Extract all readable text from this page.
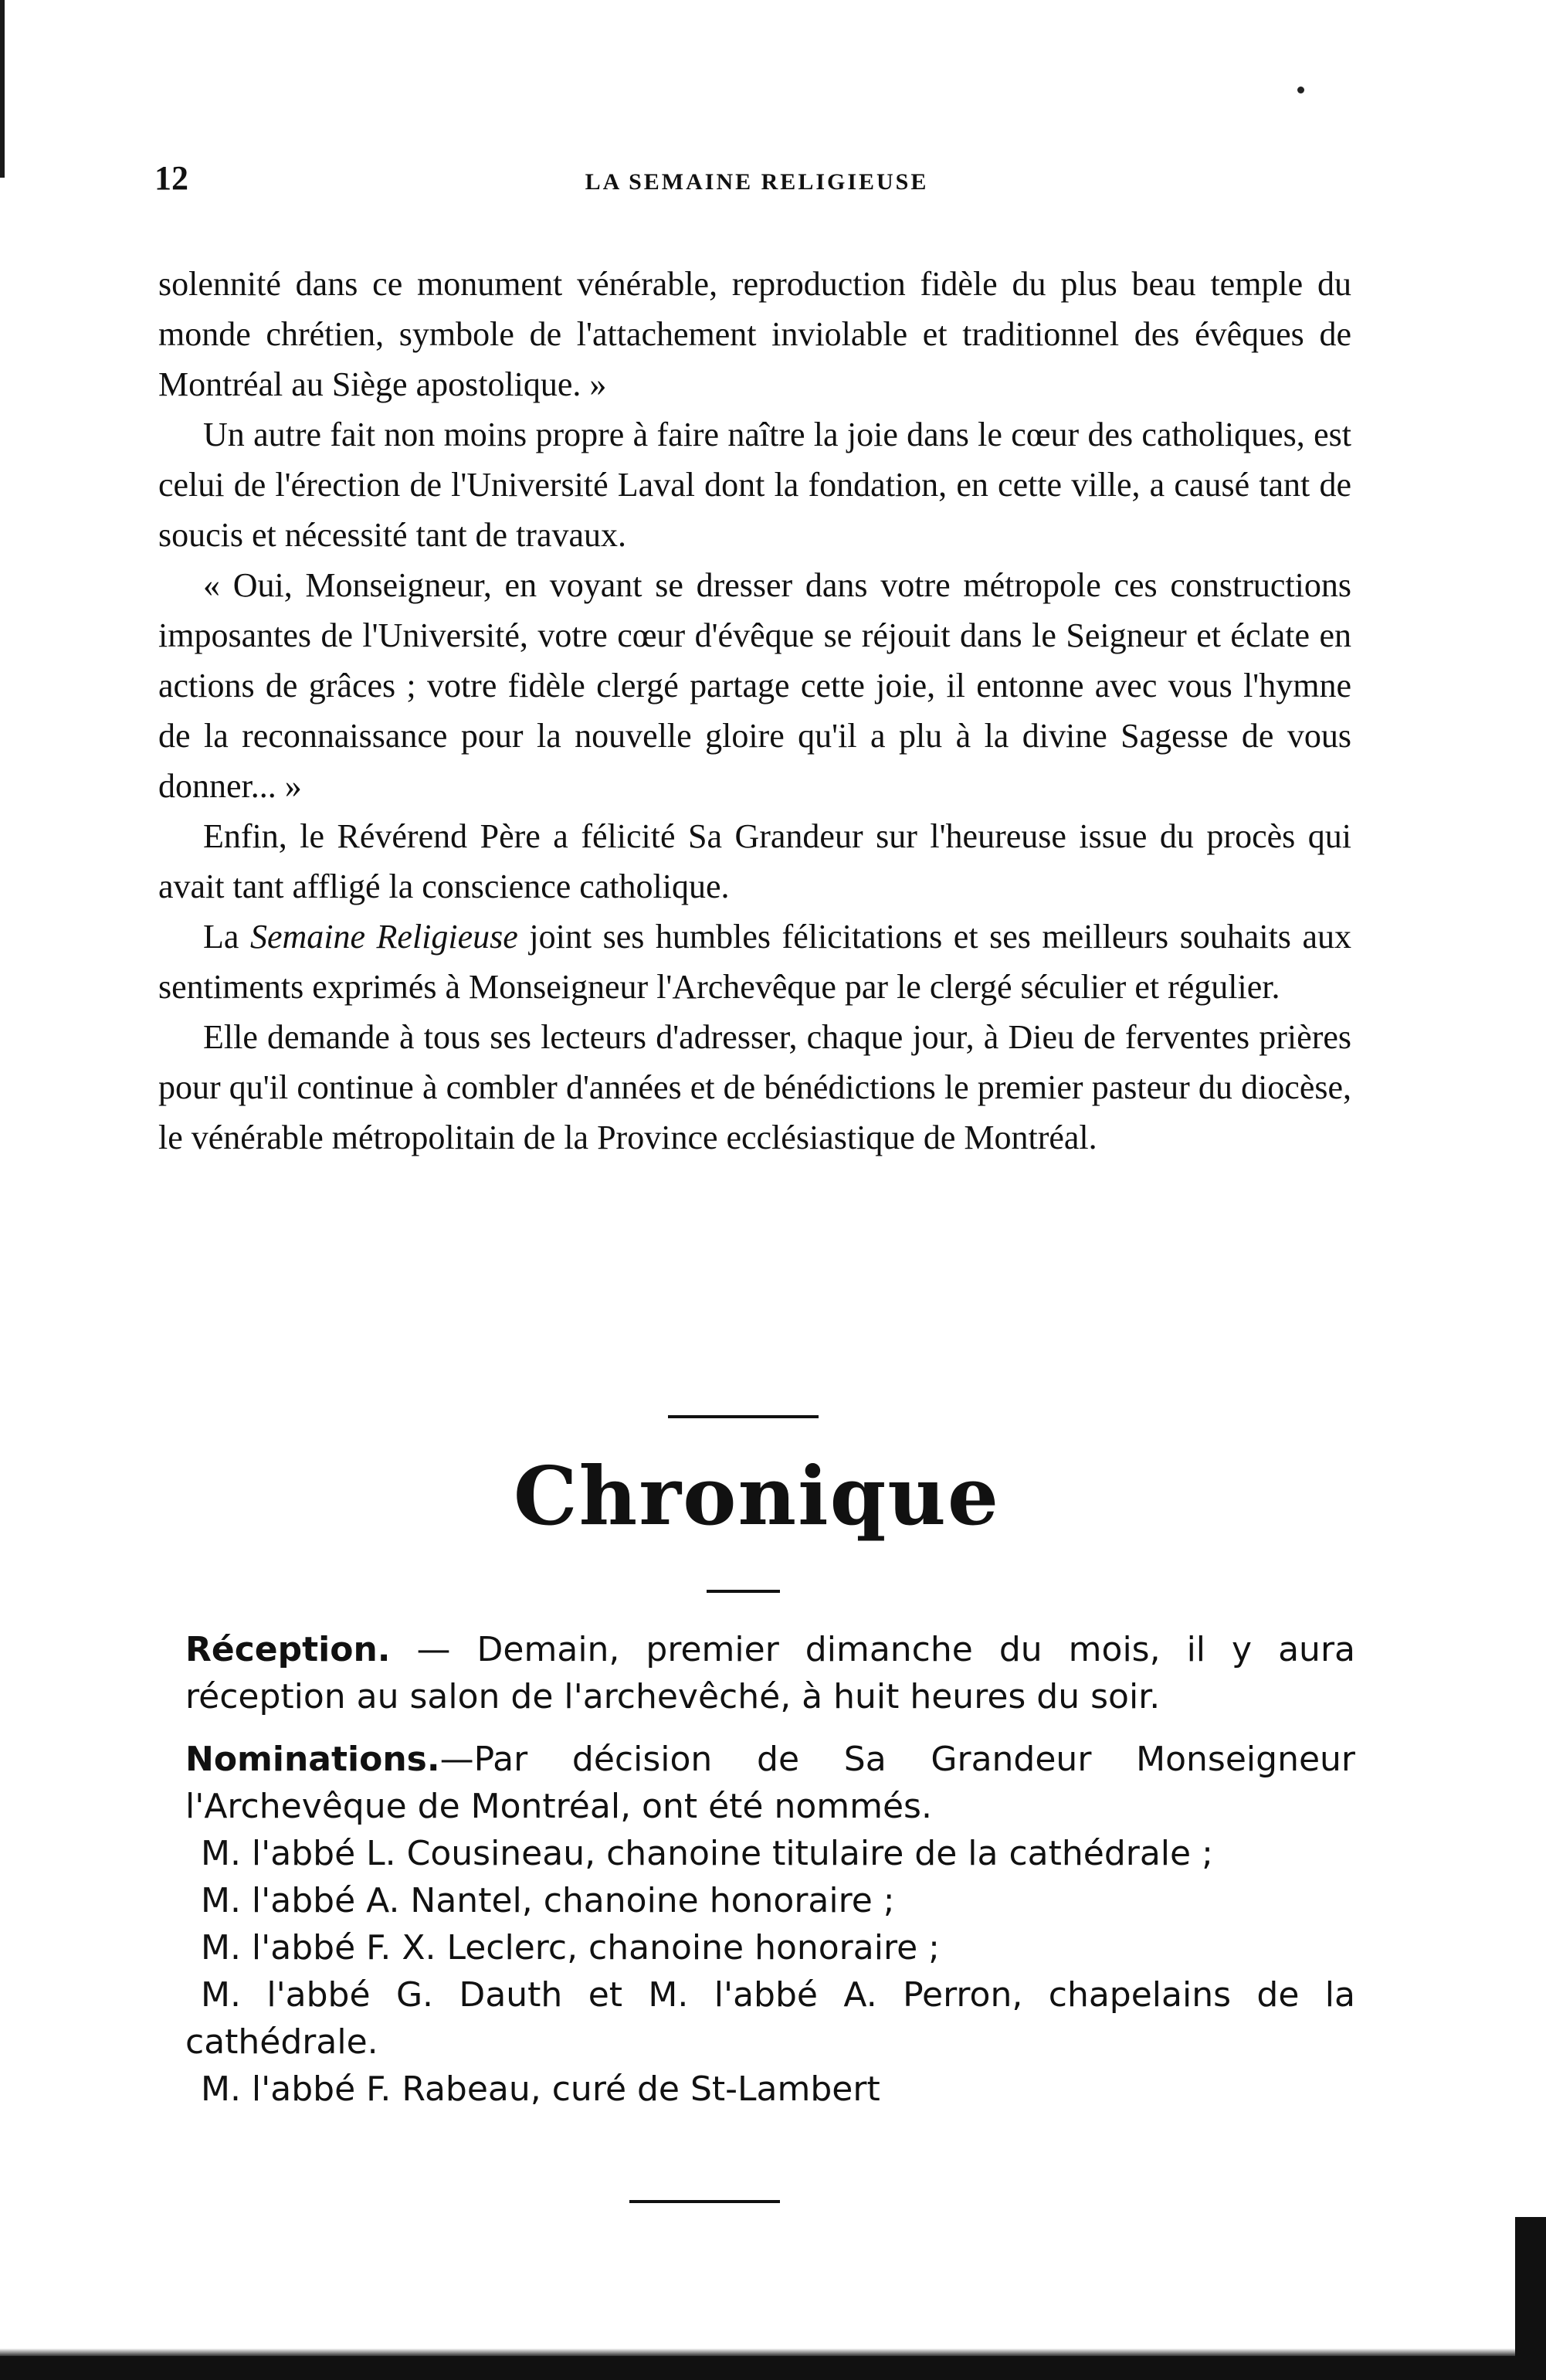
12	LA SEMAINE RELIGIEUSE

solennité dans ce monument vénérable, reproduction fidèle du plus beau temple du monde chrétien, symbole de l'attachement inviolable et traditionnel des évêques de Montréal au Siège apostolique. »

Un autre fait non moins propre à faire naître la joie dans le cœur des catholiques, est celui de l'érection de l'Université Laval dont la fondation, en cette ville, a causé tant de soucis et nécessité tant de travaux.

« Oui, Monseigneur, en voyant se dresser dans votre métropole ces constructions imposantes de l'Université, votre cœur d'évêque se réjouit dans le Seigneur et éclate en actions de grâces ; votre fidèle clergé partage cette joie, il entonne avec vous l'hymne de la reconnaissance pour la nouvelle gloire qu'il a plu à la divine Sagesse de vous donner... »

Enfin, le Révérend Père a félicité Sa Grandeur sur l'heureuse issue du procès qui avait tant affligé la conscience catholique.

La Semaine Religieuse joint ses humbles félicitations et ses meilleurs souhaits aux sentiments exprimés à Monseigneur l'Archevêque par le clergé séculier et régulier.

Elle demande à tous ses lecteurs d'adresser, chaque jour, à Dieu de ferventes prières pour qu'il continue à combler d'années et de bénédictions le premier pasteur du diocèse, le vénérable métropolitain de la Province ecclésiastique de Montréal.

Chronique

Réception. — Demain, premier dimanche du mois, il y aura réception au salon de l'archevêché, à huit heures du soir.

Nominations.—Par décision de Sa Grandeur Monseigneur l'Archevêque de Montréal, ont été nommés.

M. l'abbé L. Cousineau, chanoine titulaire de la cathédrale ;

M. l'abbé A. Nantel, chanoine honoraire ;

M. l'abbé F. X. Leclerc, chanoine honoraire ;

M. l'abbé G. Dauth et M. l'abbé A. Perron, chapelains de la cathédrale.

M. l'abbé F. Rabeau, curé de St-Lambert
